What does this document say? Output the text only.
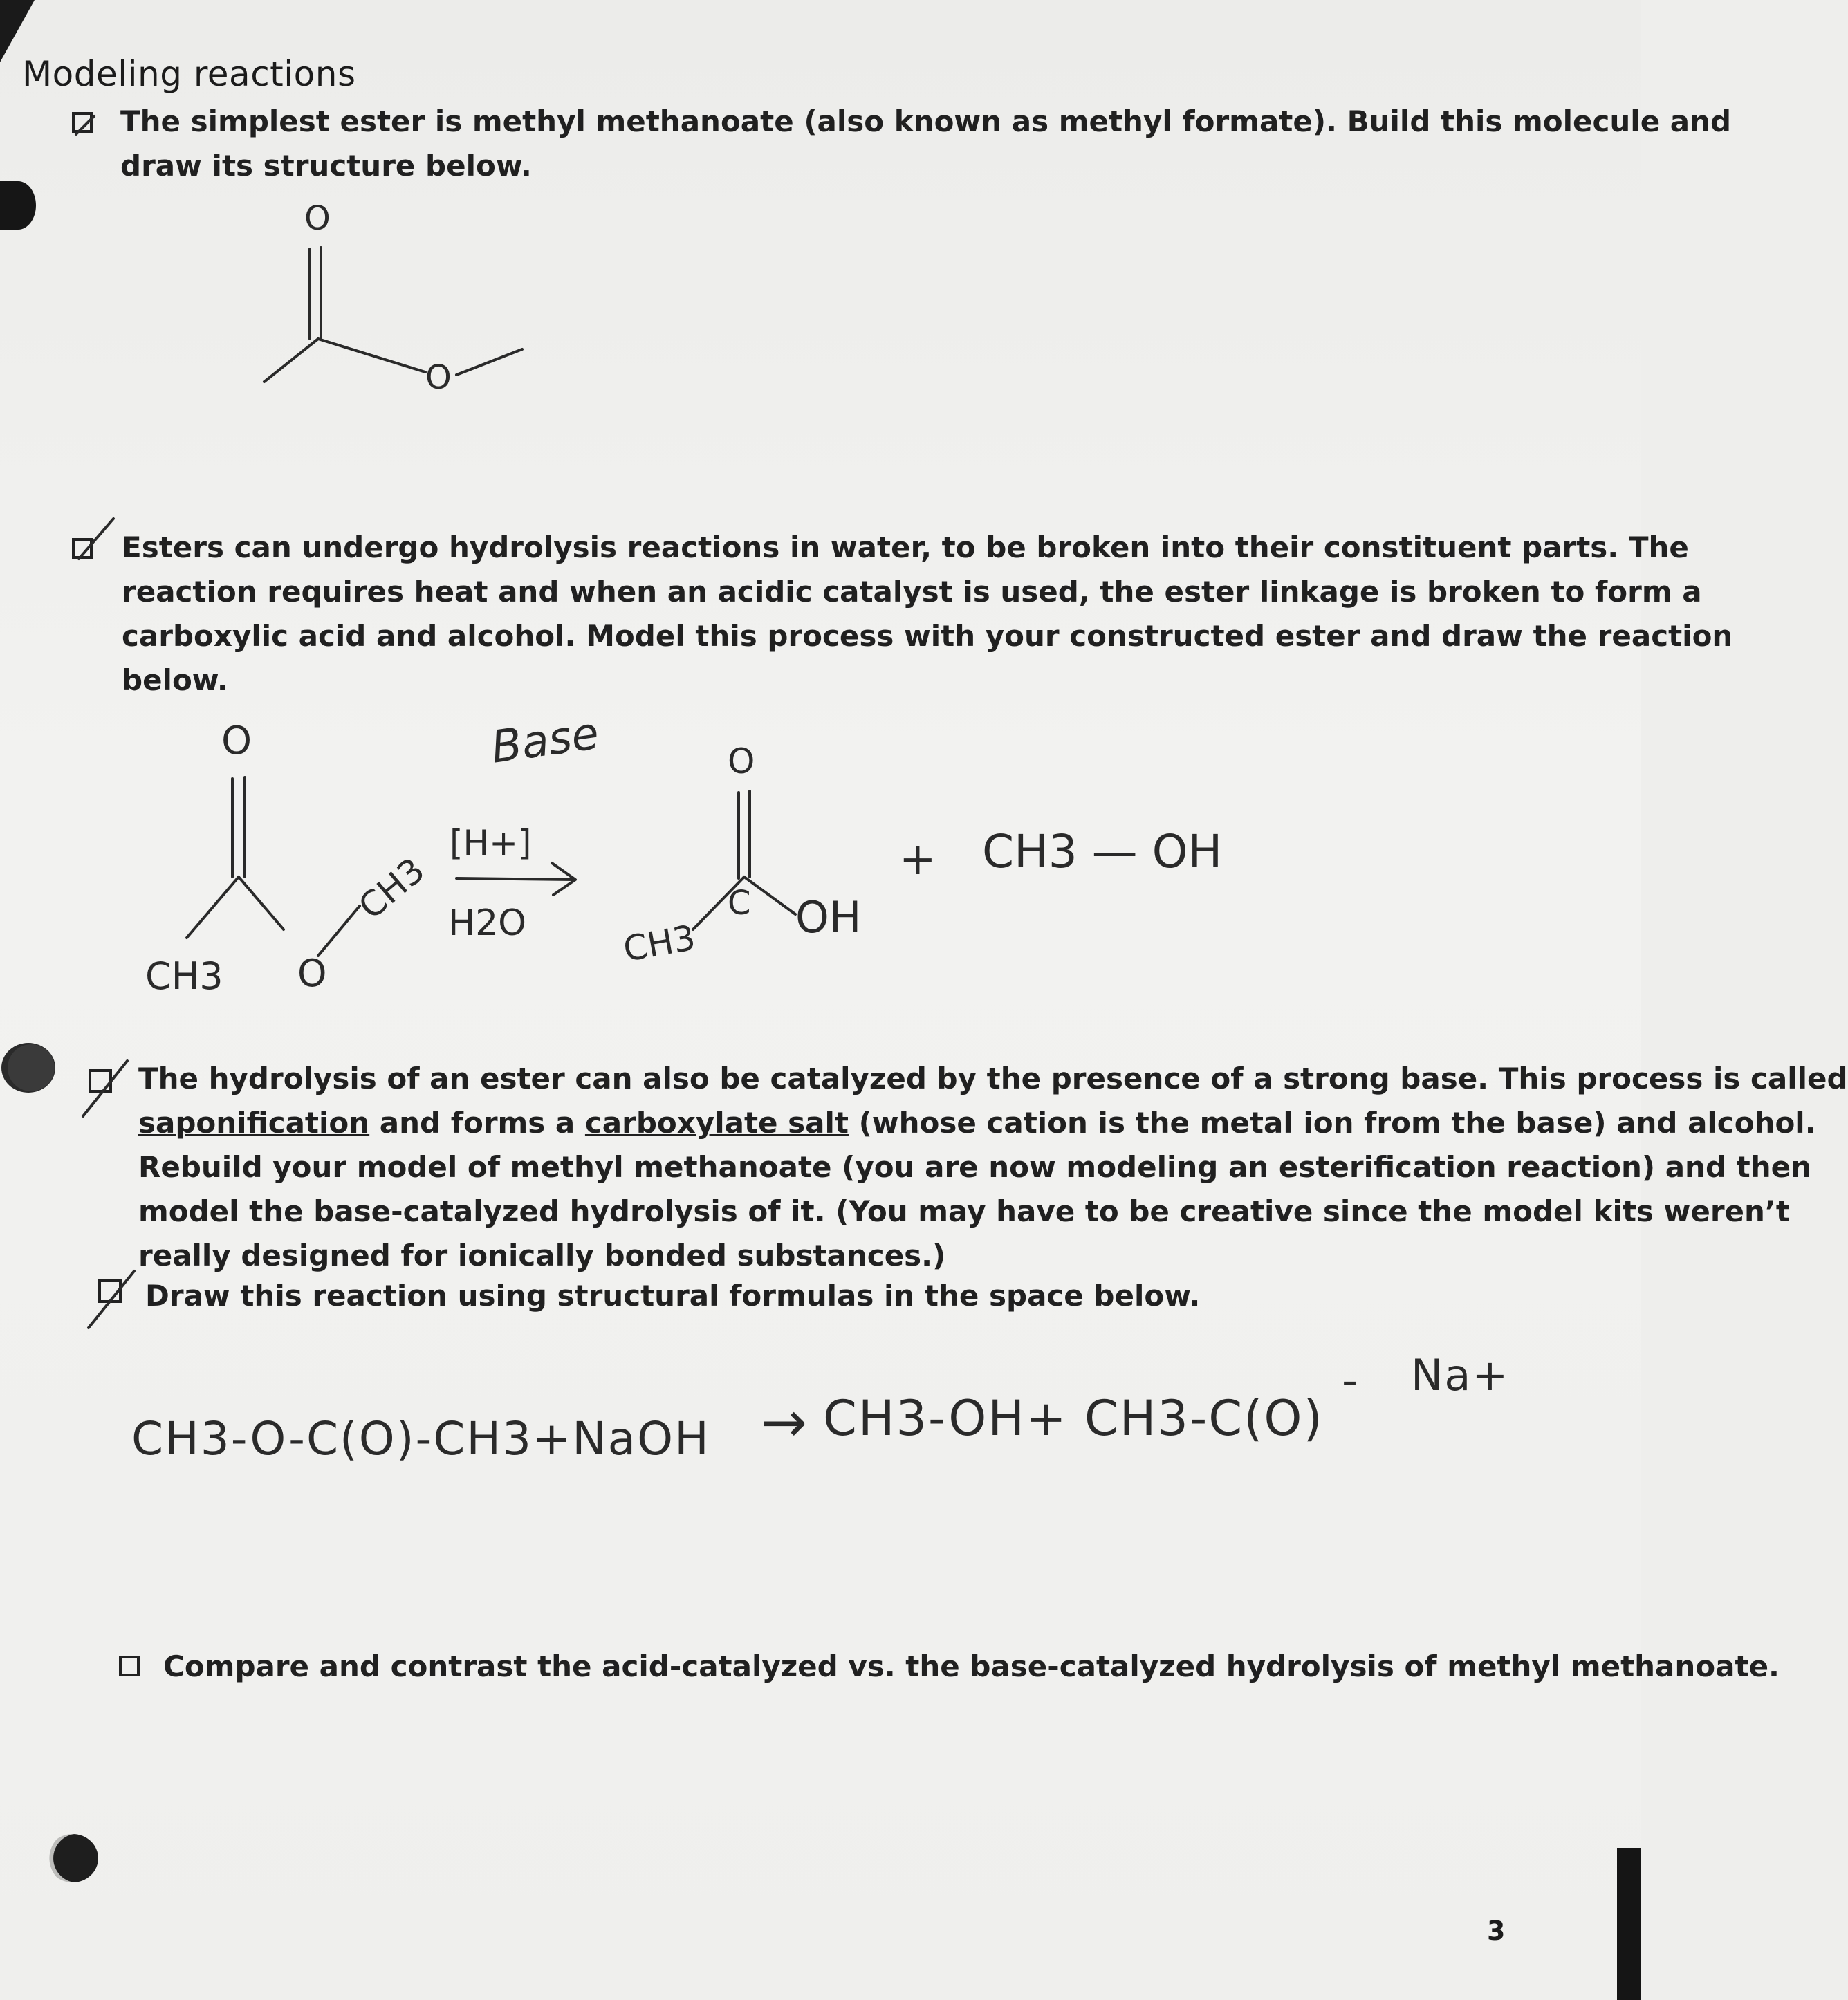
Modeling reactions
The simplest ester is methyl methanoate (also known as methyl formate). Build this molecule and
draw its structure below.
O
O
Esters can undergo hydrolysis reactions in water, to be broken into their constituent parts. The
reaction requires heat and when an acidic catalyst is used, the ester linkage is broken to form a
carboxylic acid and alcohol. Model this process with your constructed ester and draw the reaction
below.
Base
O
CH3 O
CH3
[H+]
H2O
O
C
CH3
OH
+ CH3 — OH
The hydrolysis of an ester can also be catalyzed by the presence of a strong base. This process is called
saponification and forms a carboxylate salt (whose cation is the metal ion from the base) and alcohol.
Rebuild your model of methyl methanoate (you are now modeling an esterification reaction) and then
model the base-catalyzed hydrolysis of it. (You may have to be creative since the model kits weren’t
really designed for ionically bonded substances.)
Draw this reaction using structural formulas in the space below.
CH3-O-C(O)-CH3+NaOH → CH3-OH+ CH3-C(O)
- Na+
Compare and contrast the acid-catalyzed vs. the base-catalyzed hydrolysis of methyl methanoate.
3
